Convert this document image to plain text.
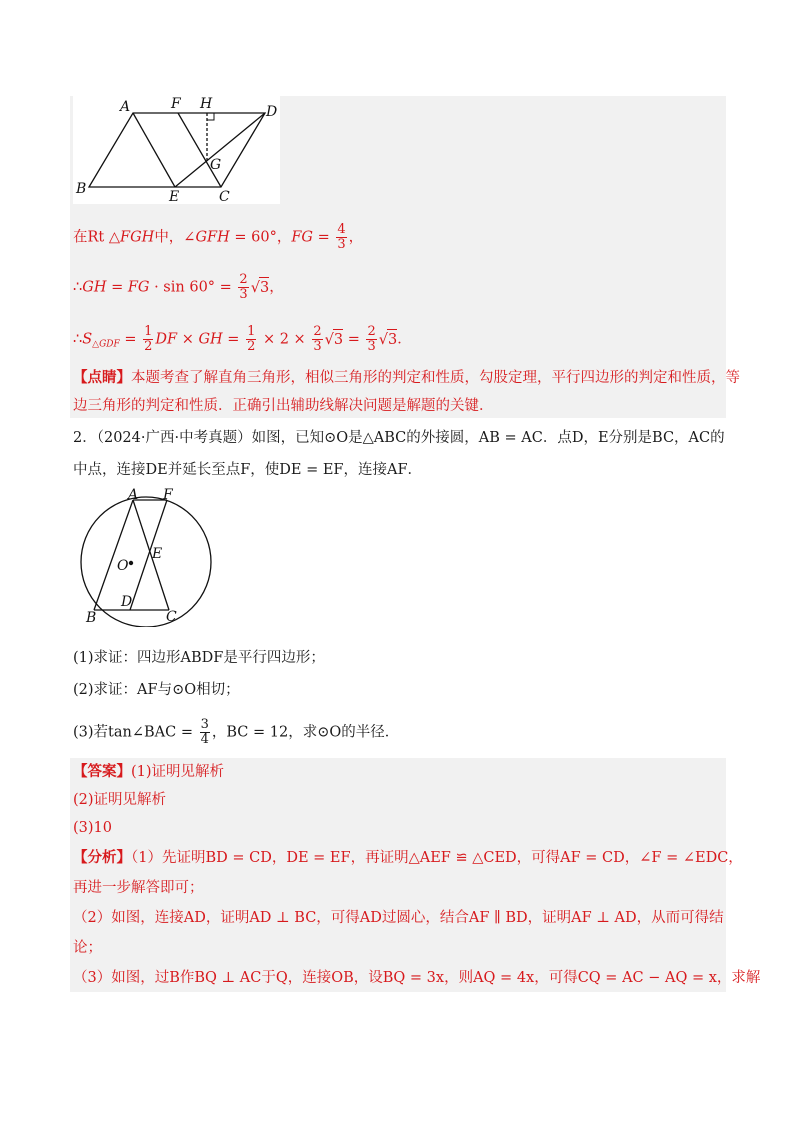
A	F H	D
B	E	C
G
在Rt △FGH中，∠GFH = 60°，FG = $\frac{4}{3}$ ，
∴GH = FG · $\sin 60^\circ = \frac{2}{3} √3$，
$\therefore S_{\triangle GDF} = \frac{1}{2}$ DF × GH = $\frac{1}{2} \times 2 \times \frac{2}{3} √3 = \frac{2}{3} √3$．
【点睛】本题考查了解直角三角形，相似三角形的判定和性质，勾股定理，平行四边形的判定和性质，等
边三角形的判定和性质．正确引出辅助线解决问题是解题的关键．
2．（2024·广西·中考真题）如图，已知⊙O是△ABC的外接圆，AB = AC．点D，E分别是BC，AC的
中点，连接DE并延长至点F，使DE = EF，连接AF．
A F
E
O
B
D
C
(1)求证：四边形ABDF是平行四边形；
(2)求证：AF与⊙O相切；
(3)若tan∠BAC = $\frac{3}{4}$ ，BC = 12，求⊙O的半径．
【答案】(1)证明见解析
(2)证明见解析
(3)10
【分析】（1）先证明BD = CD，DE = EF，再证明△AEF ≌ △CED，可得AF = CD，∠F = ∠EDC，
再进一步解答即可；
（2）如图，连接AD，证明AD ⊥ BC，可得AD过圆心，结合AF ∥ BD，证明AF ⊥ AD，从而可得结
论；
（3）如图，过B作BQ ⊥ AC于Q，连接OB，设BQ = 3x，则AQ = 4x，可得CQ = AC − AQ = x，求解
